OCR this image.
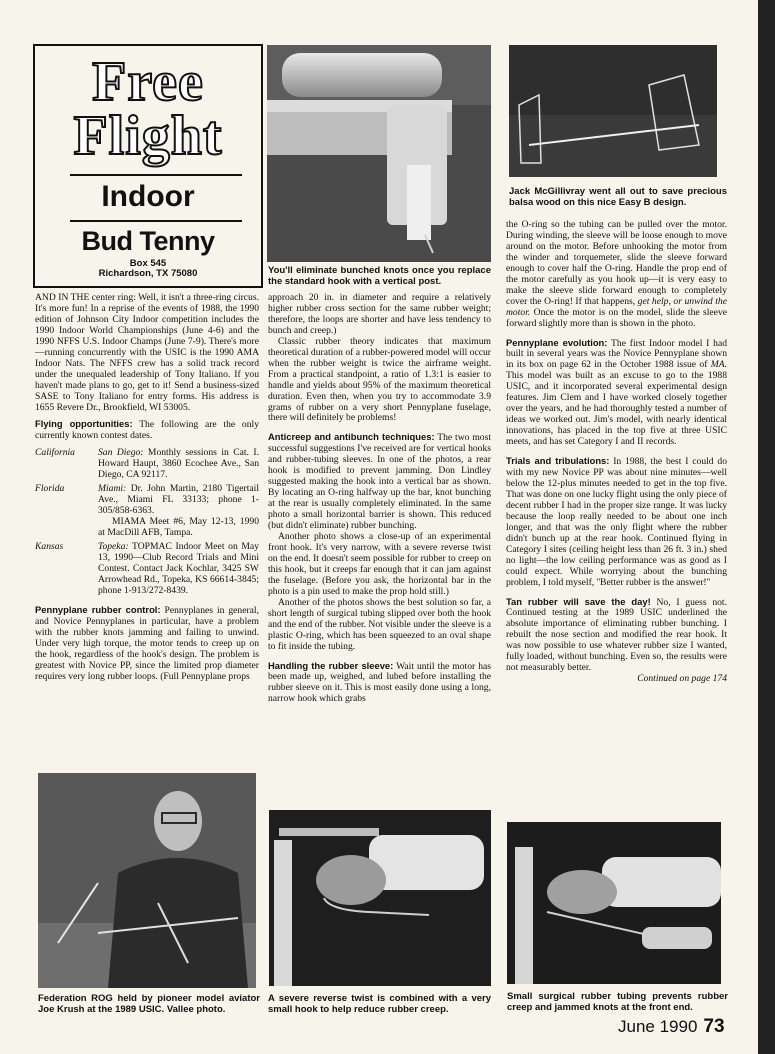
Free
Flight
Indoor
Bud Tenny
Box 545
Richardson, TX 75080

AND IN THE center ring: Well, it isn't a three-ring circus. It's more fun! In a reprise of the events of 1988, the 1990 edition of Johnson City Indoor competition includes the 1990 Indoor World Championships (June 4-6) and the 1990 NFFS U.S. Indoor Champs (June 7-9). There's more—running concurrently with the USIC is the 1990 AMA Indoor Nats. The NFFS crew has a solid track record under the unequaled leadership of Tony Italiano. If you haven't made plans to go, get to it! Send a business-sized SASE to Tony Italiano for entry forms. His address is 1655 Revere Dr., Brookfield, WI 53005.

Flying opportunities: The following are the only currently known contest dates.

California	San Diego: Monthly sessions in Cat. I. Howard Haupt, 3860 Ecochee Ave., San Diego, CA 92117.
Florida	Miami: Dr. John Martin, 2180 Tigertail Ave., Miami FL 33133; phone 1-305/858-6363.
	MIAMA Meet #6, May 12-13, 1990 at MacDill AFB, Tampa.
Kansas	Topeka: TOPMAC Indoor Meet on May 13, 1990—Club Record Trials and Mini Contest. Contact Jack Kochlar, 3425 SW Arrowhead Rd., Topeka, KS 66614-3845; phone 1-913/272-8439.

Pennyplane rubber control: Pennyplanes in general, and Novice Pennyplanes in particular, have a problem with the rubber knots jamming and failing to unwind. Under very high torque, the motor tends to creep up on the hook, regardless of the hook's design. The problem is greatest with Novice PP, since the limited prop diameter requires very long rubber loops. (Full Pennyplane props

approach 20 in. in diameter and require a relatively higher rubber cross section for the same rubber weight; therefore, the loops are shorter and have less tendency to bunch and creep.)

Classic rubber theory indicates that maximum theoretical duration of a rubber-powered model will occur when the rubber weight is twice the airframe weight. From a practical standpoint, a ratio of 1.3:1 is easier to handle and yields about 95% of the maximum theoretical duration. Even then, when you try to accommodate 3.9 grams of rubber on a very short Pennyplane fuselage, there will definitely be problems!

Anticreep and antibunch techniques: The two most successful suggestions I've received are for vertical hooks and rubber-tubing sleeves. In one of the photos, a rear hook is modified to prevent jamming. Don Lindley suggested making the hook into a vertical bar as shown. By locating an O-ring halfway up the bar, knot bunching at the rear is usually completely eliminated. In the same photo a small horizontal barrier is shown. This reduced (but didn't eliminate) rubber bunching.

Another photo shows a close-up of an experimental front hook. It's very narrow, with a severe reverse twist on the end. It doesn't seem possible for rubber to creep on this hook, but it creeps far enough that it can jam against the fuselage. (Before you ask, the horizontal bar in the photo is a pin used to make the prop hold still.)

Another of the photos shows the best solution so far, a short length of surgical tubing slipped over both the hook and the end of the rubber. Not visible under the sleeve is a plastic O-ring, which has been squeezed to an oval shape to fit inside the tubing.

Handling the rubber sleeve: Wait until the motor has been made up, weighed, and lubed before installing the rubber sleeve on it. This is most easily done using a long, narrow hook which grabs

the O-ring so the tubing can be pulled over the motor. During winding, the sleeve will be loose enough to move around on the motor. Before unhooking the motor from the winder and torquemeter, slide the sleeve forward enough to cover half the O-ring. Handle the prop end of the motor carefully as you hook up—it is very easy to make the sleeve slide forward enough to completely cover the O-ring! If that happens, get help, or unwind the motor. Once the motor is on the model, slide the sleeve forward slightly more than is shown in the photo.

Pennyplane evolution: The first Indoor model I had built in several years was the Novice Pennyplane shown in its box on page 62 in the October 1988 issue of MA. This model was built as an excuse to go to the 1988 USIC, and it incorporated several experimental design features. Jim Clem and I have worked closely together over the years, and he had thoroughly tested a number of ideas we worked out. Jim's model, with nearly identical innovations, has placed in the top five at three USIC meets, and has set Category I and II records.

Trials and tribulations: In 1988, the best I could do with my new Novice PP was about nine minutes—well below the 12-plus minutes needed to get in the top five. That was done on one lucky flight using the only piece of decent rubber I had in the proper size range. It was lucky because the loop really needed to be about one inch longer, and that was the only flight where the rubber didn't bunch up at the rear hook. Continued flying in Category I sites (ceiling height less than 26 ft. 3 in.) shed no light—the low ceiling performance was as good as I could expect. While worrying about the bunching problem, I told myself, ''Better rubber is the answer!''

Tan rubber will save the day! No, I guess not. Continued testing at the 1989 USIC underlined the absolute importance of eliminating rubber bunching. I rebuilt the nose section and modified the rear hook. It was now possible to use whatever rubber size I wanted, fully loaded, without bunching. Even so, the results were not measurably better.

Continued on page 174

You'll eliminate bunched knots once you replace the standard hook with a vertical post.
Jack McGillivray went all out to save precious balsa wood on this nice Easy B design.
Federation ROG held by pioneer model aviator Joe Krush at the 1989 USIC. Vallee photo.
A severe reverse twist is combined with a very small hook to help reduce rubber creep.
Small surgical rubber tubing prevents rubber creep and jammed knots at the front end.
June 1990 73
